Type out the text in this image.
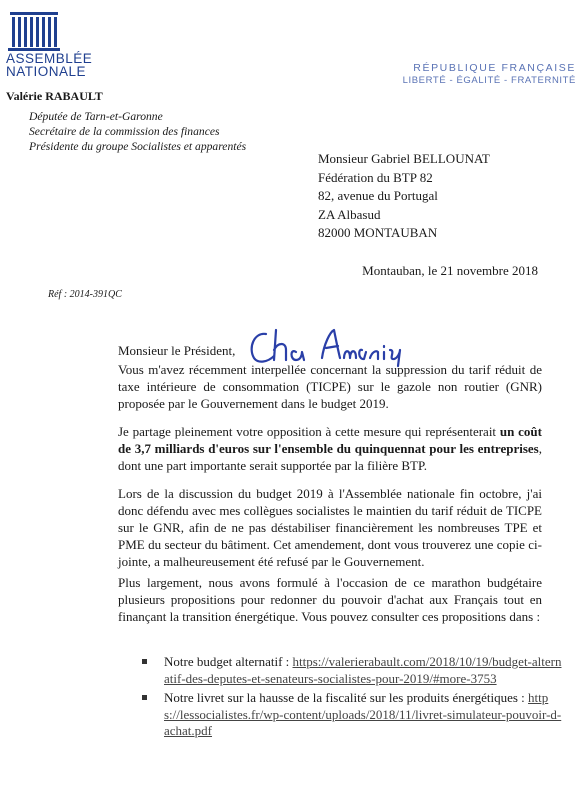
ASSEMBLÉE
NATIONALE	RÉPUBLIQUE FRANÇAISE
LIBERTÉ - ÉGALITÉ - FRATERNITÉ
Valérie RABAULT
Députée de Tarn-et-Garonne
Secrétaire de la commission des finances
Présidente du groupe Socialistes et apparentés
Monsieur Gabriel BELLOUNAT
Fédération du BTP 82
82, avenue du Portugal
ZA Albasud
82000 MONTAUBAN
Montauban, le 21 novembre 2018
Réf : 2014-391QC
Monsieur le Président,
Vous m'avez récemment interpellée concernant la suppression du tarif réduit de taxe intérieure de consommation (TICPE) sur le gazole non routier (GNR) proposée par le Gouvernement dans le budget 2019.
Je partage pleinement votre opposition à cette mesure qui représenterait un coût de 3,7 milliards d'euros sur l'ensemble du quinquennat pour les entreprises, dont une part importante serait supportée par la filière BTP.
Lors de la discussion du budget 2019 à l'Assemblée nationale fin octobre, j'ai donc défendu avec mes collègues socialistes le maintien du tarif réduit de TICPE sur le GNR, afin de ne pas déstabiliser financièrement les nombreuses TPE et PME du secteur du bâtiment. Cet amendement, dont vous trouverez une copie ci-jointe, a malheureusement été refusé par le Gouvernement.
Plus largement, nous avons formulé à l'occasion de ce marathon budgétaire plusieurs propositions pour redonner du pouvoir d'achat aux Français tout en finançant la transition énergétique. Vous pouvez consulter ces propositions dans :
Notre budget alternatif : https://valerierabault.com/2018/10/19/budget-alternatif-des-deputes-et-senateurs-socialistes-pour-2019/#more-3753
Notre livret sur la hausse de la fiscalité sur les produits énergétiques : https://lessocialistes.fr/wp-content/uploads/2018/11/livret-simulateur-pouvoir-d-achat.pdf
